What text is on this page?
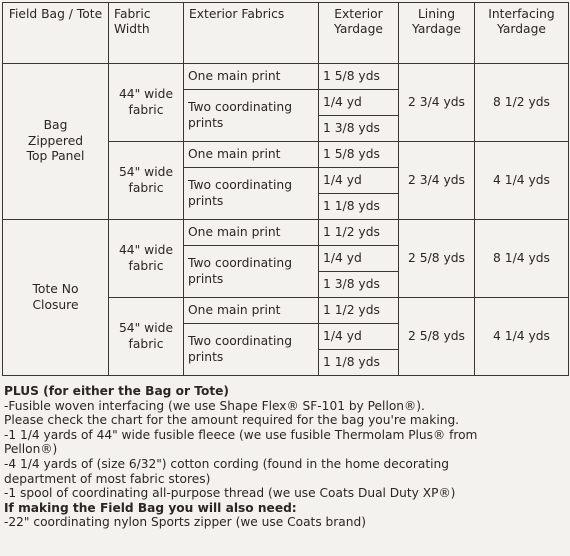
Field Bag / Tote	Fabric Width	Exterior Fabrics	Exterior Yardage	Lining Yardage	Interfacing Yardage
Bag Zippered Top Panel	44" wide fabric	One main print	1 5/8 yds	2 3/4 yds	8 1/2 yds
		Two coordinating prints	1/4 yd		
			1 3/8 yds		
	54" wide fabric	One main print	1 5/8 yds	2 3/4 yds	4 1/4 yds
		Two coordinating prints	1/4 yd		
			1 1/8 yds		
Tote No Closure	44" wide fabric	One main print	1 1/2 yds	2 5/8 yds	8 1/4 yds
		Two coordinating prints	1/4 yd		
			1 3/8 yds		
	54" wide fabric	One main print	1 1/2 yds	2 5/8 yds	4 1/4 yds
		Two coordinating prints	1/4 yd		
			1 1/8 yds		

PLUS (for either the Bag or Tote)

-Fusible woven interfacing (we use Shape Flex® SF-101 by Pellon®).

Please check the chart for the amount required for the bag you're making.

-1 1/4 yards of 44" wide fusible fleece (we use fusible Thermolam Plus® from

Pellon®)

-4 1/4 yards of (size 6/32") cotton cording (found in the home decorating

department of most fabric stores)

-1 spool of coordinating all-purpose thread (we use Coats Dual Duty XP®)

If making the Field Bag you will also need:

-22" coordinating nylon Sports zipper (we use Coats brand)
